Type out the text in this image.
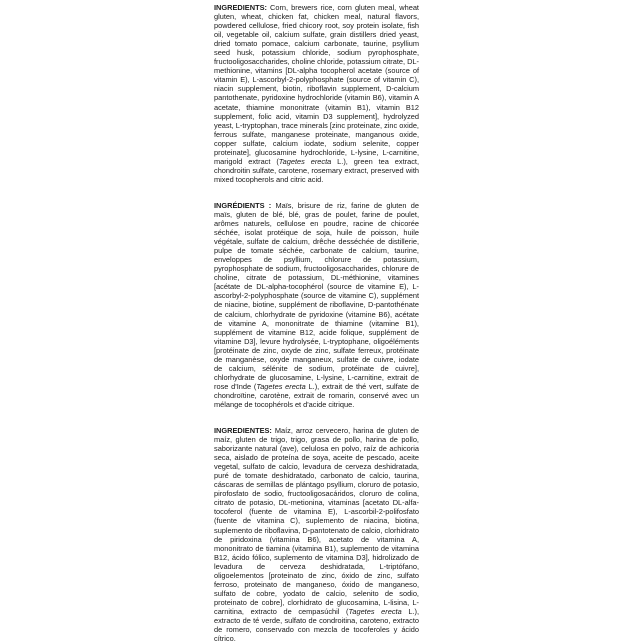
INGREDIENTS: Corn, brewers rice, corn gluten meal, wheat gluten, wheat, chicken fat, chicken meal, natural flavors, powdered cellulose, fried chicory root, soy protein isolate, fish oil, vegetable oil, calcium sulfate, grain distillers dried yeast, dried tomato pomace, calcium carbonate, taurine, psyllium seed husk, potassium chloride, sodium pyrophosphate, fructooligosaccharides, choline chloride, potassium citrate, DL-methionine, vitamins [DL-alpha tocopherol acetate (source of vitamin E), L-ascorbyl-2-polyphosphate (source of vitamin C), niacin supplement, biotin, riboflavin supplement, D-calcium pantothenate, pyridoxine hydrochloride (vitamin B6), vitamin A acetate, thiamine mononitrate (vitamin B1), vitamin B12 supplement, folic acid, vitamin D3 supplement], hydrolyzed yeast, L-tryptophan, trace minerals [zinc proteinate, zinc oxide, ferrous sulfate, manganese proteinate, manganous oxide, copper sulfate, calcium iodate, sodium selenite, copper proteinate], glucosamine hydrochloride, L-lysine, L-carnitine, marigold extract (Tagetes erecta L.), green tea extract, chondroitin sulfate, carotene, rosemary extract, preserved with mixed tocopherols and citric acid.

INGRÉDIENTS : Maïs, brisure de riz, farine de gluten de maïs, gluten de blé, blé, gras de poulet, farine de poulet, arômes naturels, cellulose en poudre, racine de chicorée séchée, isolat protéique de soja, huile de poisson, huile végétale, sulfate de calcium, drêche desséchée de distillerie, pulpe de tomate séchée, carbonate de calcium, taurine, enveloppes de psyllium, chlorure de potassium, pyrophosphate de sodium, fructooligosaccharides, chlorure de choline, citrate de potassium, DL-méthionine, vitamines [acétate de DL-alpha-tocophérol (source de vitamine E), L-ascorbyl-2-polyphosphate (source de vitamine C), supplément de niacine, biotine, supplément de riboflavine, D-pantothénate de calcium, chlorhydrate de pyridoxine (vitamine B6), acétate de vitamine A, mononitrate de thiamine (vitamine B1), supplément de vitamine B12, acide folique, supplément de vitamine D3], levure hydrolysée, L-tryptophane, oligoéléments [protéinate de zinc, oxyde de zinc, sulfate ferreux, protéinate de manganèse, oxyde manganeux, sulfate de cuivre, iodate de calcium, sélénite de sodium, protéinate de cuivre], chlorhydrate de glucosamine, L-lysine, L-carnitine, extrait de rose d'Inde (Tagetes erecta L.), extrait de thé vert, sulfate de chondroïtine, carotène, extrait de romarin, conservé avec un mélange de tocophérols et d'acide citrique.

INGREDIENTES: Maíz, arroz cervecero, harina de gluten de maíz, gluten de trigo, trigo, grasa de pollo, harina de pollo, saborizante natural (ave), celulosa en polvo, raíz de achicoria seca, aislado de proteína de soya, aceite de pescado, aceite vegetal, sulfato de calcio, levadura de cerveza deshidratada, puré de tomate deshidratado, carbonato de calcio, taurina, cáscaras de semillas de plántago psyllium, cloruro de potasio, pirofosfato de sodio, fructooligosacáridos, cloruro de colina, citrato de potasio, DL-metionina, vitaminas [acetato DL-alfa-tocoferol (fuente de vitamina E), L-ascorbil-2-polifosfato (fuente de vitamina C), suplemento de niacina, biotina, suplemento de riboflavina, D-pantotenato de calcio, clorhidrato de piridoxina (vitamina B6), acetato de vitamina A, mononitrato de tiamina (vitamina B1), suplemento de vitamina B12, ácido fólico, suplemento de vitamina D3], hidrolizado de levadura de cerveza deshidratada, L-triptófano, oligoelementos [proteinato de zinc, óxido de zinc, sulfato ferroso, proteinato de manganeso, óxido de manganeso, sulfato de cobre, yodato de calcio, selenito de sodio, proteinato de cobre], clorhidrato de glucosamina, L-lisina, L-carnitina, extracto de cempasúchil (Tagetes erecta L.), extracto de té verde, sulfato de condroitina, caroteno, extracto de romero, conservado con mezcla de tocoferoles y ácido cítrico.
